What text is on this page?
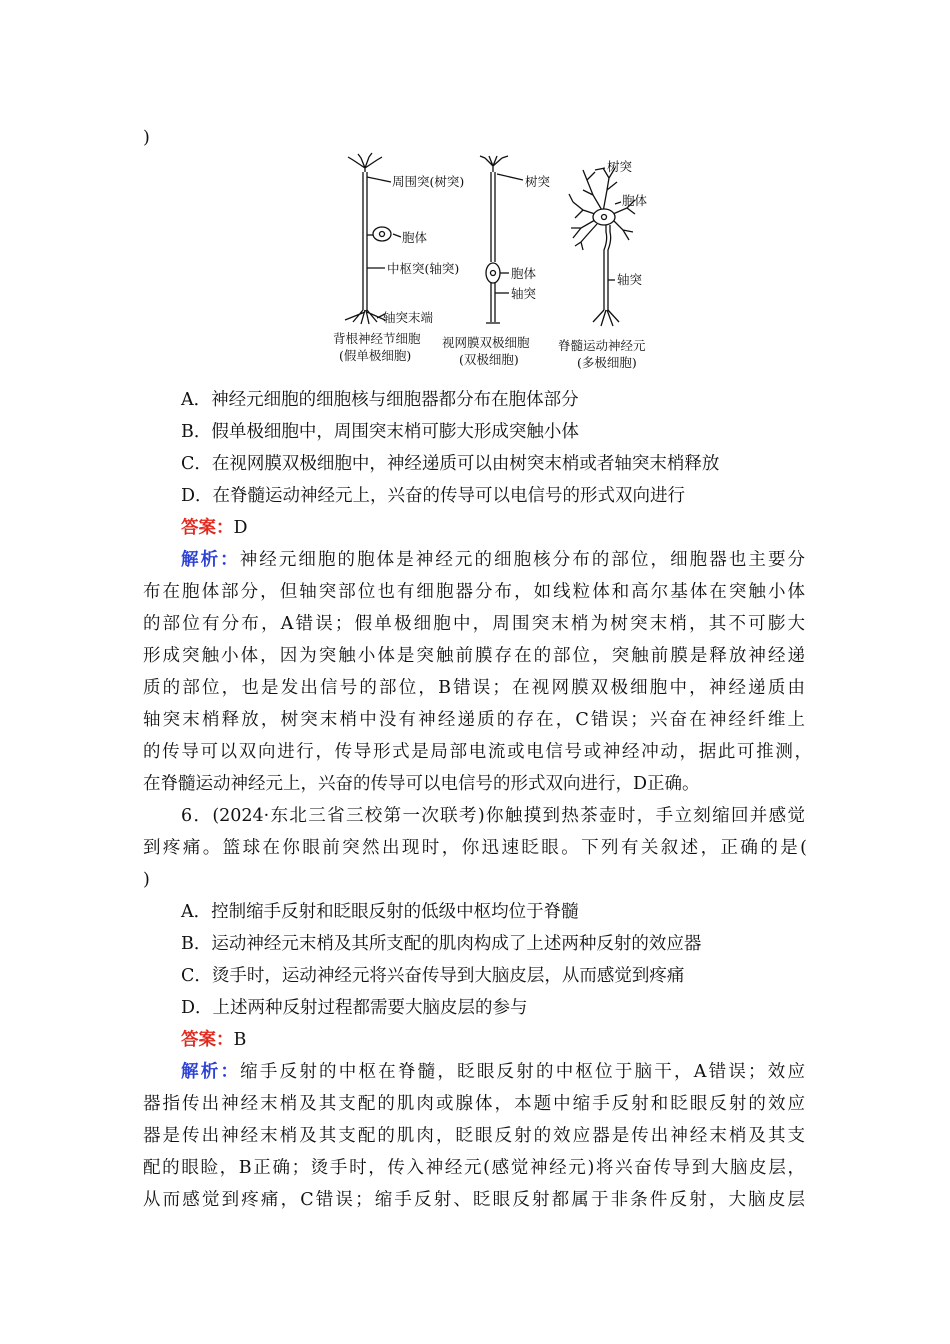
)
周围突(树突)
胞体
中枢突(轴突)
轴突末端
背根神经节细胞
(假单极细胞)
树突
胞体
轴突
视网膜双极细胞
(双极细胞)
树突
胞体
轴突
脊髓运动神经元
(多极细胞)
A．神经元细胞的细胞核与细胞器都分布在胞体部分
B．假单极细胞中，周围突末梢可膨大形成突触小体
C．在视网膜双极细胞中，神经递质可以由树突末梢或者轴突末梢释放
D．在脊髓运动神经元上，兴奋的传导可以电信号的形式双向进行
答案：D
解析：神经元细胞的胞体是神经元的细胞核分布的部位，细胞器也主要分
布在胞体部分，但轴突部位也有细胞器分布，如线粒体和高尔基体在突触小体
的部位有分布，A错误；假单极细胞中，周围突末梢为树突末梢，其不可膨大
形成突触小体，因为突触小体是突触前膜存在的部位，突触前膜是释放神经递
质的部位，也是发出信号的部位，B错误；在视网膜双极细胞中，神经递质由
轴突末梢释放，树突末梢中没有神经递质的存在，C错误；兴奋在神经纤维上
的传导可以双向进行，传导形式是局部电流或电信号或神经冲动，据此可推测，
在脊髓运动神经元上，兴奋的传导可以电信号的形式双向进行，D正确。
6．(2024·东北三省三校第一次联考)你触摸到热茶壶时，手立刻缩回并感觉
到疼痛。篮球在你眼前突然出现时，你迅速眨眼。下列有关叙述，正确的是(
)
A．控制缩手反射和眨眼反射的低级中枢均位于脊髓
B．运动神经元末梢及其所支配的肌肉构成了上述两种反射的效应器
C．烫手时，运动神经元将兴奋传导到大脑皮层，从而感觉到疼痛
D．上述两种反射过程都需要大脑皮层的参与
答案：B
解析：缩手反射的中枢在脊髓，眨眼反射的中枢位于脑干，A错误；效应
器指传出神经末梢及其支配的肌肉或腺体，本题中缩手反射和眨眼反射的效应
器是传出神经末梢及其支配的肌肉，眨眼反射的效应器是传出神经末梢及其支
配的眼睑，B正确；烫手时，传入神经元(感觉神经元)将兴奋传导到大脑皮层，
从而感觉到疼痛，C错误；缩手反射、眨眼反射都属于非条件反射，大脑皮层
